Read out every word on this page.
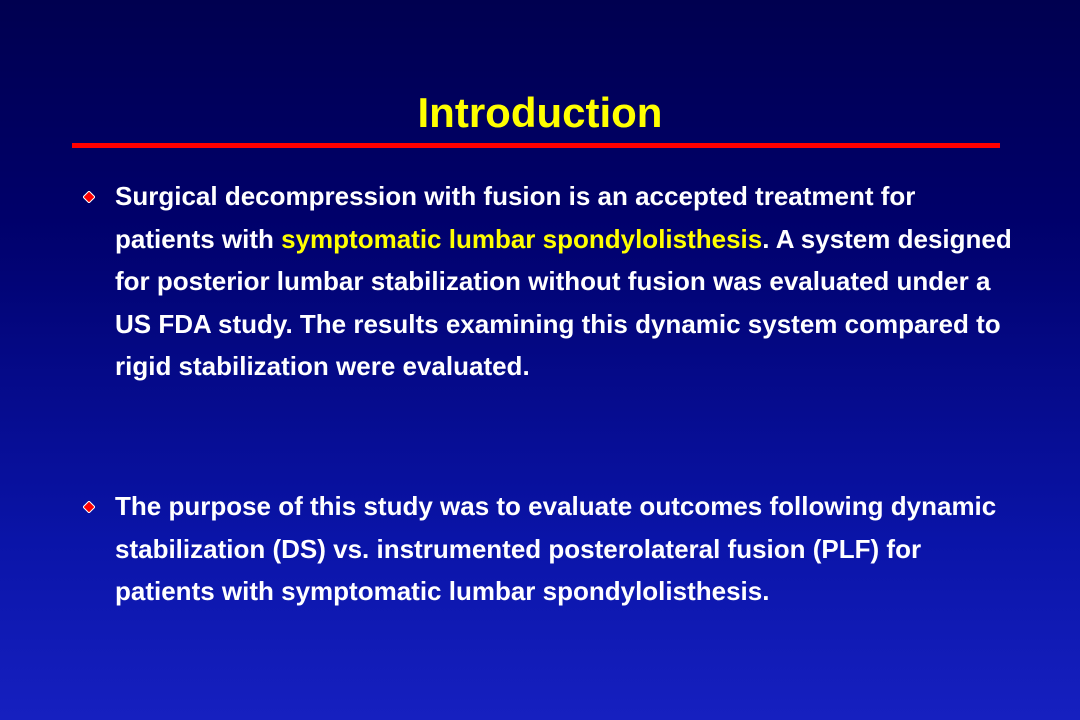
Introduction

Surgical decompression with fusion is an accepted treatment for patients with symptomatic lumbar spondylolisthesis. A system designed for posterior lumbar stabilization without fusion was evaluated under a US FDA study. The results examining this dynamic system compared to rigid stabilization were evaluated.

The purpose of this study was to evaluate outcomes following dynamic stabilization (DS) vs. instrumented posterolateral fusion (PLF) for patients with symptomatic lumbar spondylolisthesis.
